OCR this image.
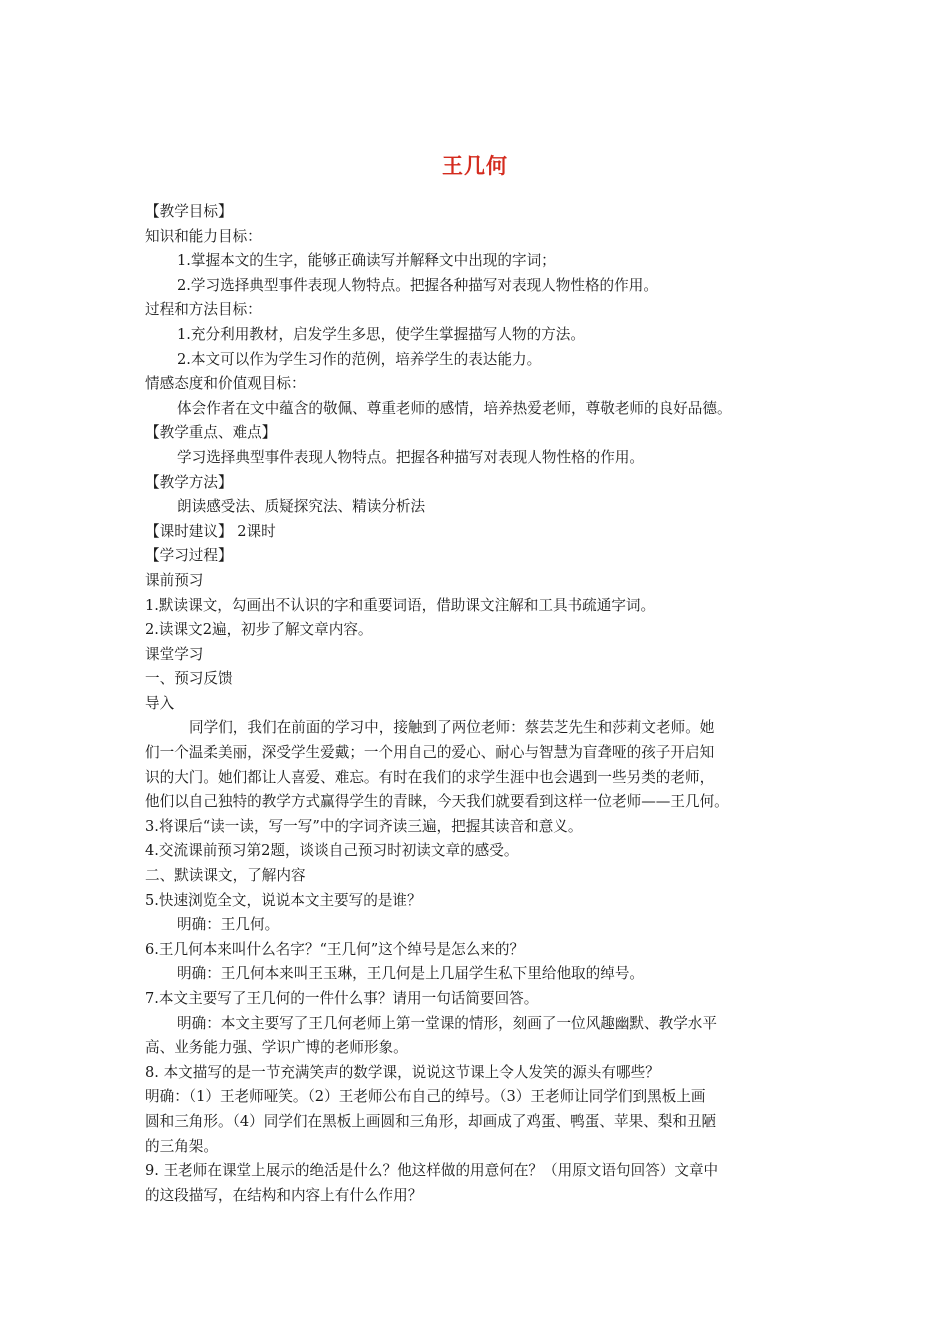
王几何
【教学目标】
知识和能力目标：
1.掌握本文的生字，能够正确读写并解释文中出现的字词；
2.学习选择典型事件表现人物特点。把握各种描写对表现人物性格的作用。
过程和方法目标：
1.充分利用教材，启发学生多思，使学生掌握描写人物的方法。
2.本文可以作为学生习作的范例，培养学生的表达能力。
情感态度和价值观目标：
体会作者在文中蕴含的敬佩、尊重老师的感情，培养热爱老师，尊敬老师的良好品德。
【教学重点、难点】
学习选择典型事件表现人物特点。把握各种描写对表现人物性格的作用。
【教学方法】
朗读感受法、质疑探究法、精读分析法
【课时建议】 2课时
【学习过程】
课前预习
1.默读课文，勾画出不认识的字和重要词语，借助课文注解和工具书疏通字词。
2.读课文2遍，初步了解文章内容。
课堂学习
一、预习反馈
导入
同学们，我们在前面的学习中，接触到了两位老师：蔡芸芝先生和莎莉文老师。她
们一个温柔美丽，深受学生爱戴；一个用自己的爱心、耐心与智慧为盲聋哑的孩子开启知
识的大门。她们都让人喜爱、难忘。有时在我们的求学生涯中也会遇到一些另类的老师，
他们以自己独特的教学方式赢得学生的青睐，今天我们就要看到这样一位老师——王几何。
3.将课后“读一读，写一写”中的字词齐读三遍，把握其读音和意义。
4.交流课前预习第2题，谈谈自己预习时初读文章的感受。
二、默读课文，了解内容
5.快速浏览全文，说说本文主要写的是谁？
明确：王几何。
6.王几何本来叫什么名字？“王几何”这个绰号是怎么来的？
明确：王几何本来叫王玉琳，王几何是上几届学生私下里给他取的绰号。
7.本文主要写了王几何的一件什么事？请用一句话简要回答。
明确：本文主要写了王几何老师上第一堂课的情形，刻画了一位风趣幽默、教学水平
高、业务能力强、学识广博的老师形象。
8. 本文描写的是一节充满笑声的数学课，说说这节课上令人发笑的源头有哪些？
明确：（1）王老师哑笑。（2）王老师公布自己的绰号。（3）王老师让同学们到黑板上画
圆和三角形。（4）同学们在黑板上画圆和三角形，却画成了鸡蛋、鸭蛋、苹果、梨和丑陋
的三角架。
9. 王老师在课堂上展示的绝活是什么？他这样做的用意何在？（用原文语句回答）文章中
的这段描写，在结构和内容上有什么作用？
